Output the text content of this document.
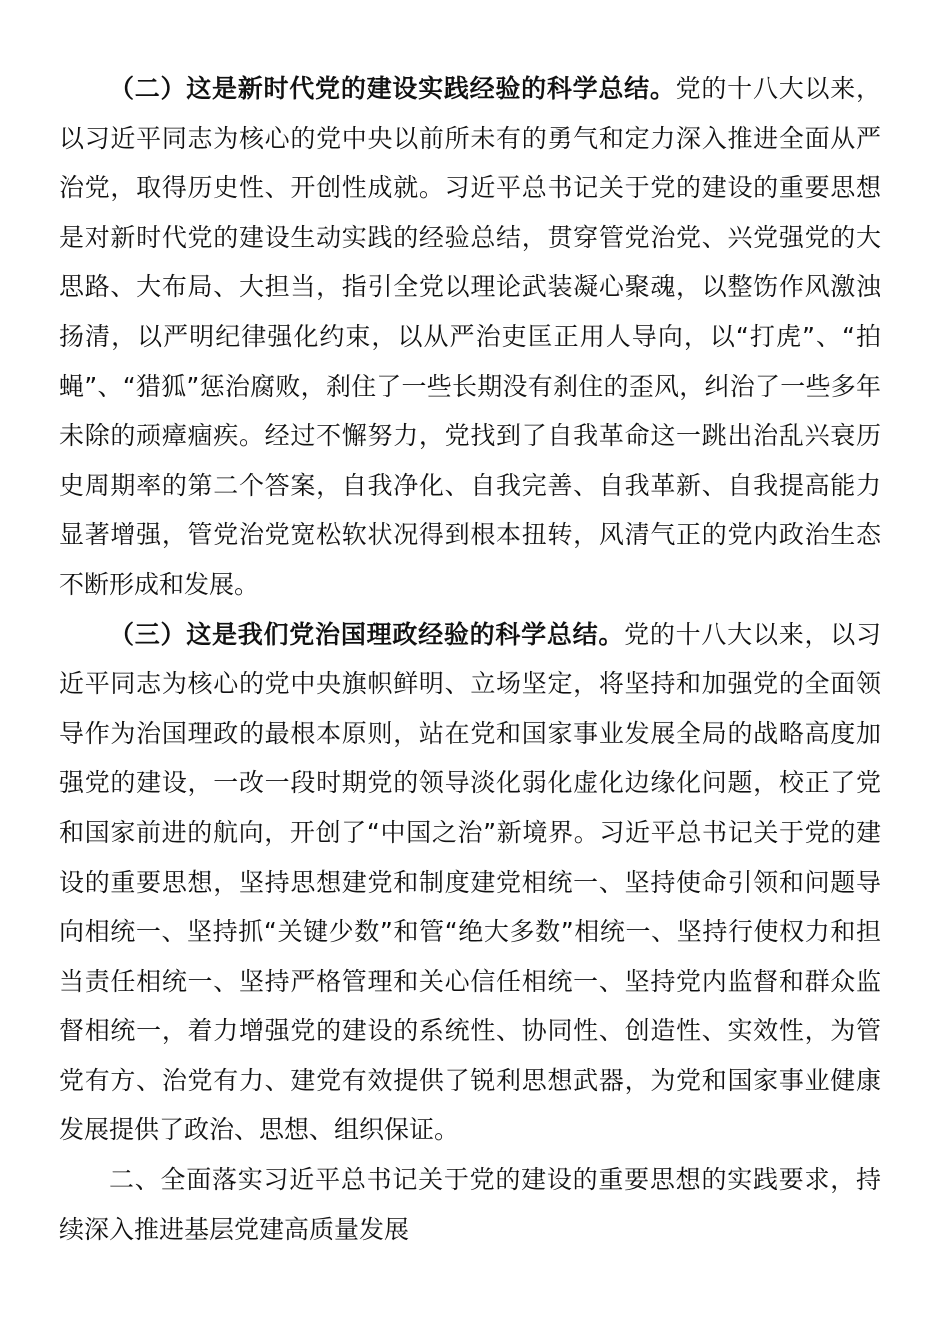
（二）这是新时代党的建设实践经验的科学总结。党的十八大以来，以习近平同志为核心的党中央以前所未有的勇气和定力深入推进全面从严治党，取得历史性、开创性成就。习近平总书记关于党的建设的重要思想是对新时代党的建设生动实践的经验总结，贯穿管党治党、兴党强党的大思路、大布局、大担当，指引全党以理论武装凝心聚魂，以整饬作风激浊扬清，以严明纪律强化约束，以从严治吏匡正用人导向，以“打虎”、“拍蝇”、“猎狐”惩治腐败，刹住了一些长期没有刹住的歪风，纠治了一些多年未除的顽瘴痼疾。经过不懈努力，党找到了自我革命这一跳出治乱兴衰历史周期率的第二个答案，自我净化、自我完善、自我革新、自我提高能力显著增强，管党治党宽松软状况得到根本扭转，风清气正的党内政治生态不断形成和发展。

（三）这是我们党治国理政经验的科学总结。党的十八大以来，以习近平同志为核心的党中央旗帜鲜明、立场坚定，将坚持和加强党的全面领导作为治国理政的最根本原则，站在党和国家事业发展全局的战略高度加强党的建设，一改一段时期党的领导淡化弱化虚化边缘化问题，校正了党和国家前进的航向，开创了“中国之治”新境界。习近平总书记关于党的建设的重要思想，坚持思想建党和制度建党相统一、坚持使命引领和问题导向相统一、坚持抓“关键少数”和管“绝大多数”相统一、坚持行使权力和担当责任相统一、坚持严格管理和关心信任相统一、坚持党内监督和群众监督相统一，着力增强党的建设的系统性、协同性、创造性、实效性，为管党有方、治党有力、建党有效提供了锐利思想武器，为党和国家事业健康发展提供了政治、思想、组织保证。

二、全面落实习近平总书记关于党的建设的重要思想的实践要求，持续深入推进基层党建高质量发展
